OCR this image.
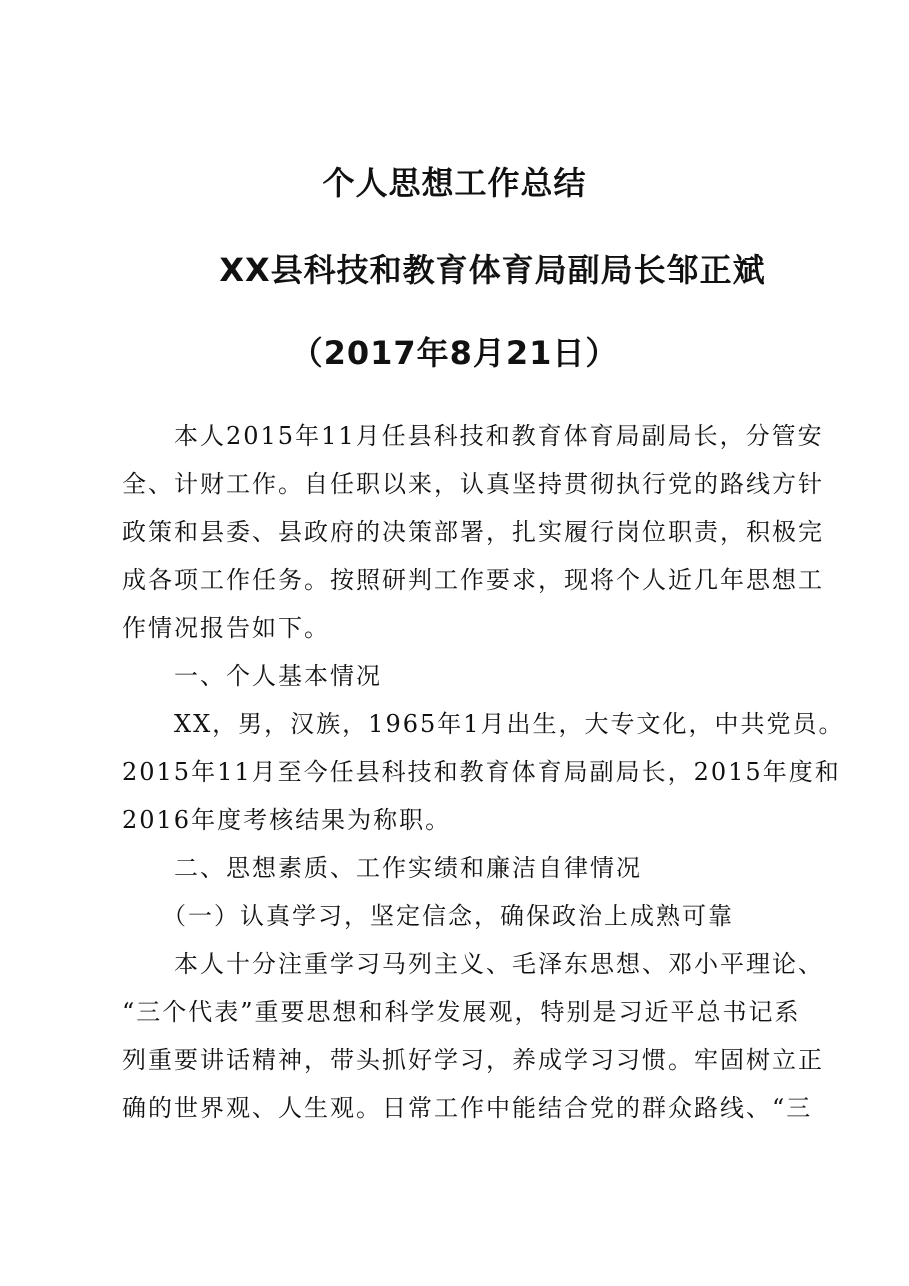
个人思想工作总结
XX县科技和教育体育局副局长邹正斌
（2017年8月21日）
　　本人2015年11月任县科技和教育体育局副局长，分管安
全、计财工作。自任职以来，认真坚持贯彻执行党的路线方针
政策和县委、县政府的决策部署，扎实履行岗位职责，积极完
成各项工作任务。按照研判工作要求，现将个人近几年思想工
作情况报告如下。
　　一、个人基本情况
　　XX，男，汉族，1965年1月出生，大专文化，中共党员。
2015年11月至今任县科技和教育体育局副局长，2015年度和
2016年度考核结果为称职。
　　二、思想素质、工作实绩和廉洁自律情况
　　（一）认真学习，坚定信念，确保政治上成熟可靠
　　本人十分注重学习马列主义、毛泽东思想、邓小平理论、
“三个代表”重要思想和科学发展观，特别是习近平总书记系
列重要讲话精神，带头抓好学习，养成学习习惯。牢固树立正
确的世界观、人生观。日常工作中能结合党的群众路线、“三
